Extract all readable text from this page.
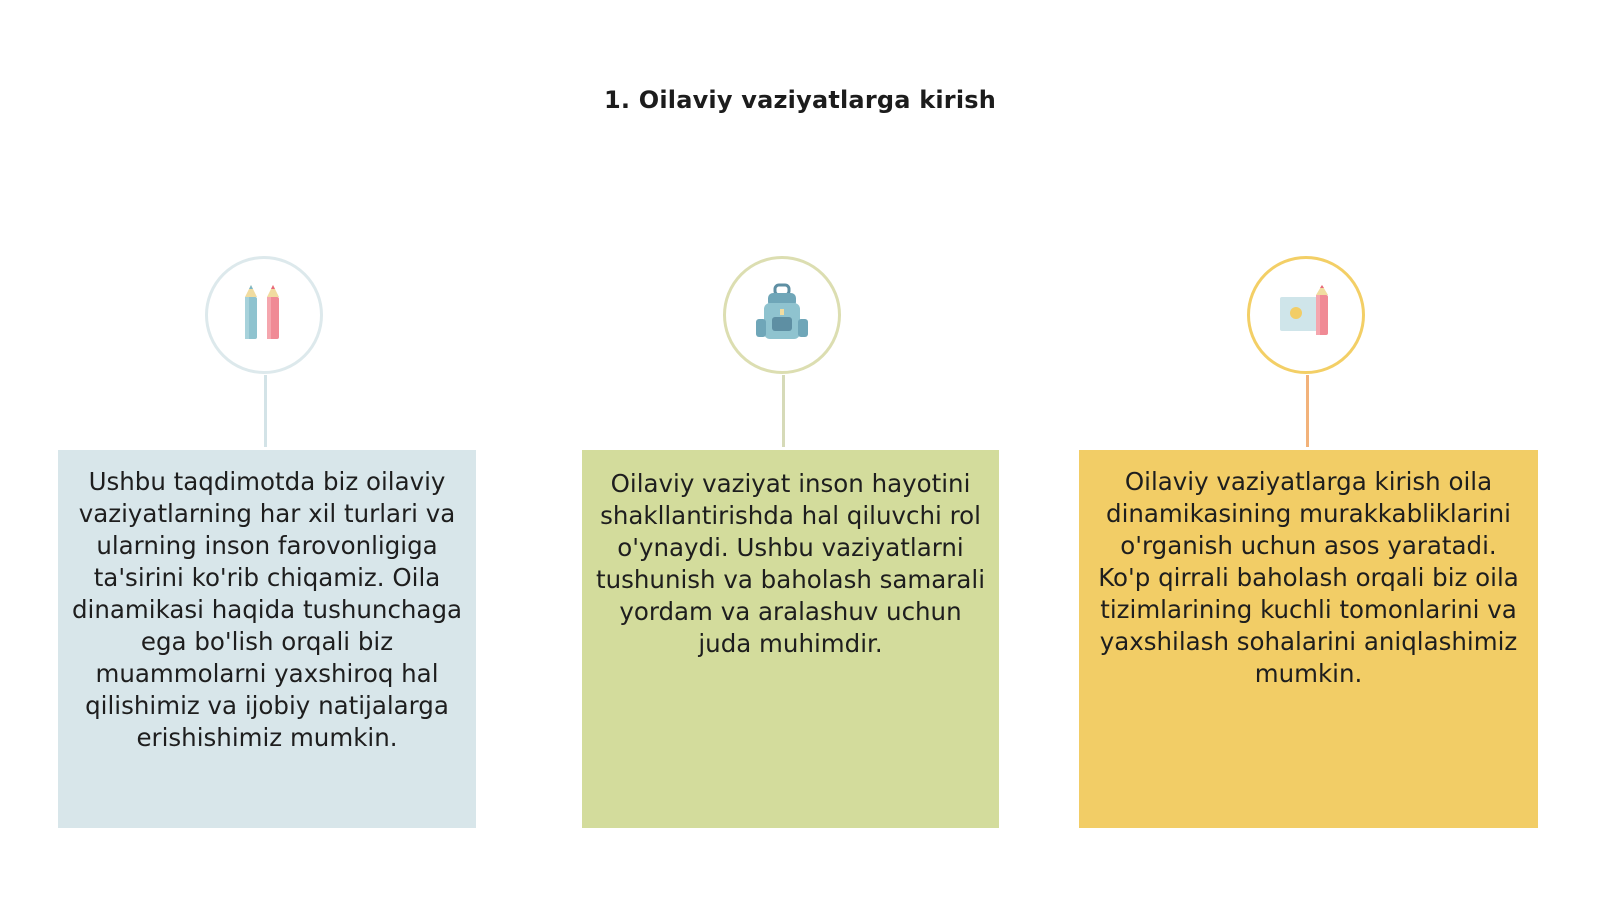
1. Oilaviy vaziyatlarga kirish
Ushbu taqdimotda biz oilaviy vaziyatlarning har xil turlari va ularning inson farovonligiga ta'sirini ko'rib chiqamiz. Oila dinamikasi haqida tushunchaga ega bo'lish orqali biz muammolarni yaxshiroq hal qilishimiz va ijobiy natijalarga erishishimiz mumkin.
Oilaviy vaziyat inson hayotini shakllantirishda hal qiluvchi rol o'ynaydi. Ushbu vaziyatlarni tushunish va baholash samarali yordam va aralashuv uchun juda muhimdir.
Oilaviy vaziyatlarga kirish oila dinamikasining murakkabliklarini o'rganish uchun asos yaratadi. Ko'p qirrali baholash orqali biz oila tizimlarining kuchli tomonlarini va yaxshilash sohalarini aniqlashimiz mumkin.
